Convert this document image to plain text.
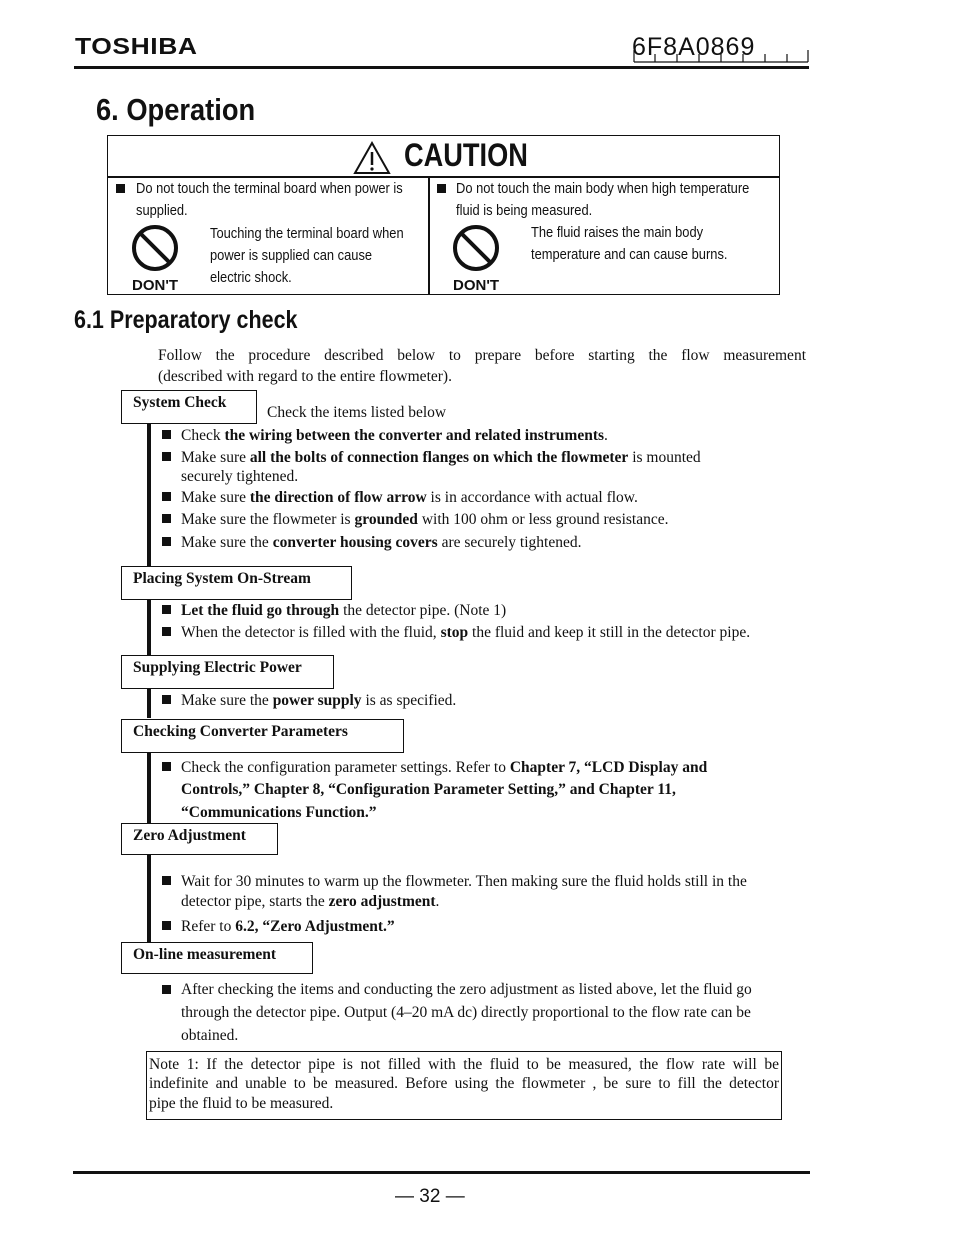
TOSHIBA	6F8A0869
6. Operation
CAUTION
Do not touch the terminal board when power is
supplied.
Touching the terminal board when
power is supplied can cause
electric shock.
DON'T
Do not touch the main body when high temperature
fluid is being measured.
The fluid raises the main body
temperature and can cause burns.
DON'T
6.1 Preparatory check
Follow the procedure described below to prepare before starting the flow measurement
(described with regard to the entire flowmeter).
System Check
Check the items listed below
Check the wiring between the converter and related instruments.
Make sure all the bolts of connection flanges on which the flowmeter is mounted
securely tightened.
Make sure the direction of flow arrow is in accordance with actual flow.
Make sure the flowmeter is grounded with 100 ohm or less ground resistance.
Make sure the converter housing covers are securely tightened.
Placing System On-Stream
Let the fluid go through the detector pipe. (Note 1)
When the detector is filled with the fluid, stop the fluid and keep it still in the detector pipe.
Supplying Electric Power
Make sure the power supply is as specified.
Checking Converter Parameters
Check the configuration parameter settings. Refer to Chapter 7, “LCD Display and
Controls,” Chapter 8, “Configuration Parameter Setting,” and Chapter 11,
“Communications Function.”
Zero Adjustment
Wait for 30 minutes to warm up the flowmeter. Then making sure the fluid holds still in the
detector pipe, starts the zero adjustment.
Refer to 6.2, “Zero Adjustment.”
On-line measurement
After checking the items and conducting the zero adjustment as listed above, let the fluid go
through the detector pipe. Output (4–20 mA dc) directly proportional to the flow rate can be
obtained.
Note 1: If the detector pipe is not filled with the fluid to be measured, the flow rate will be
indefinite and unable to be measured. Before using the flowmeter , be sure to fill the detector
pipe the fluid to be measured.
— 32 —
